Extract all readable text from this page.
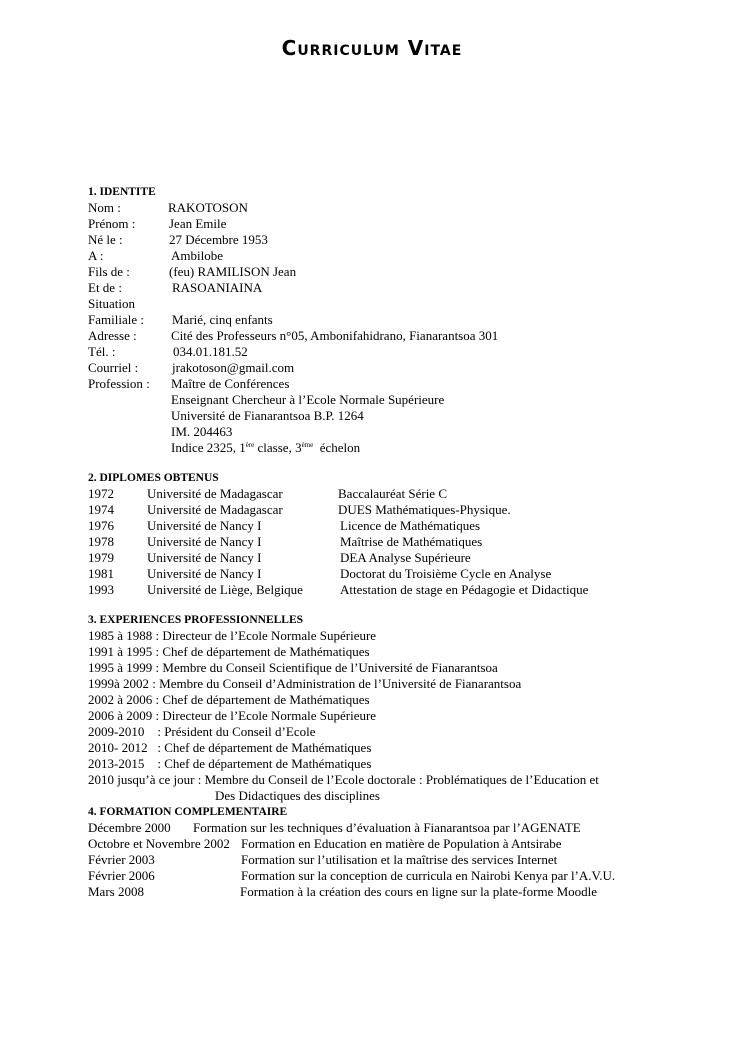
Curriculum Vitae
1. IDENTITE
Nom :	RAKOTOSON
Prénom :	Jean Emile
Né le :	27 Décembre 1953
A :	Ambilobe
Fils de :	(feu) RAMILISON Jean
Et de :	RASOANIAINA
Situation
Familiale : Marié, cinq enfants
Adresse :	Cité des Professeurs n°05, Ambonifahidrano, Fianarantsoa 301
Tél. :	034.01.181.52
Courriel :	jrakotoson@gmail.com
Profession : Maître de Conférences
Enseignant Chercheur à l’Ecole Normale Supérieure
Université de Fianarantsoa B.P. 1264
IM. 204463
Indice 2325, 1ère classe, 3ème  échelon
2. DIPLOMES OBTENUS
1972	Université de Madagascar	Baccalauréat Série C
1974	Université de Madagascar	DUES Mathématiques-Physique.
1976	Université de Nancy I	Licence de Mathématiques
1978	Université de Nancy I	Maîtrise de Mathématiques
1979	Université de Nancy I	DEA Analyse Supérieure
1981	Université de Nancy I	Doctorat du Troisième Cycle en Analyse
1993	Université de Liège, Belgique	Attestation de stage en Pédagogie et Didactique
3. EXPERIENCES PROFESSIONNELLES
1985 à 1988 : Directeur de l’Ecole Normale Supérieure
1991 à 1995 : Chef de département de Mathématiques
1995 à 1999 : Membre du Conseil Scientifique de l’Université de Fianarantsoa
1999à 2002 : Membre du Conseil d’Administration de l’Université de Fianarantsoa
2002 à 2006 : Chef de département de Mathématiques
2006 à 2009 : Directeur de l’Ecole Normale Supérieure
2009-2010    : Président du Conseil d’Ecole
2010- 2012   : Chef de département de Mathématiques
2013-2015    : Chef de département de Mathématiques
2010 jusqu’à ce jour : Membre du Conseil de l’Ecole doctorale : Problématiques de l’Education et
Des Didactiques des disciplines
4. FORMATION COMPLEMENTAIRE
Décembre 2000 Formation sur les techniques d’évaluation à Fianarantsoa par l’AGENATE
Octobre et Novembre 2002 Formation en Education en matière de Population à Antsirabe
Février 2003	Formation sur l’utilisation et la maîtrise des services Internet
Février 2006	Formation sur la conception de curricula en Nairobi Kenya par l’A.V.U.
Mars 2008	Formation à la création des cours en ligne sur la plate-forme Moodle
